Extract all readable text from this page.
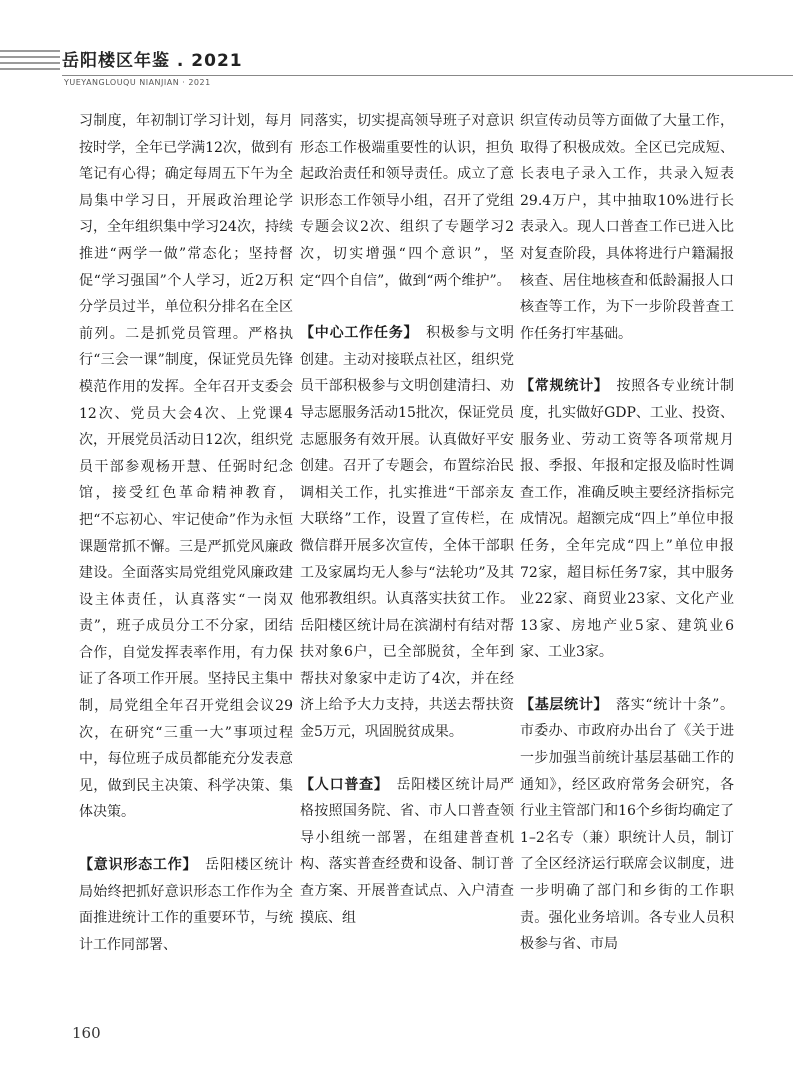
岳阳楼区年鉴 . 2021
YUEYANGLOUQU NIANJIAN · 2021

习制度，年初制订学习计划，每月按时学，全年已学满12次，做到有笔记有心得；确定每周五下午为全局集中学习日，开展政治理论学习，全年组织集中学习24次，持续推进“两学一做”常态化；坚持督促“学习强国”个人学习，近2万积分学员过半，单位积分排名在全区前列。二是抓党员管理。严格执行“三会一课”制度，保证党员先锋模范作用的发挥。全年召开支委会12次、党员大会4次、上党课4次，开展党员活动日12次，组织党员干部参观杨开慧、任弼时纪念馆，接受红色革命精神教育，把“不忘初心、牢记使命”作为永恒课题常抓不懈。三是严抓党风廉政建设。全面落实局党组党风廉政建设主体责任，认真落实“一岗双责”，班子成员分工不分家，团结合作，自觉发挥表率作用，有力保证了各项工作开展。坚持民主集中制，局党组全年召开党组会议29次，在研究“三重一大”事项过程中，每位班子成员都能充分发表意见，做到民主决策、科学决策、集体决策。

【意识形态工作】　 岳阳楼区统计局始终把抓好意识形态工作作为全面推进统计工作的重要环节，与统计工作同部署、

同落实，切实提高领导班子对意识形态工作极端重要性的认识，担负起政治责任和领导责任。成立了意识形态工作领导小组，召开了党组专题会议2次、组织了专题学习2次，切实增强“四个意识”，坚定“四个自信”，做到“两个维护”。

【中心工作任务】　 积极参与文明创建。主动对接联点社区，组织党员干部积极参与文明创建清扫、劝导志愿服务活动15批次，保证党员志愿服务有效开展。认真做好平安创建。召开了专题会，布置综治民调相关工作，扎实推进“干部亲友大联络”工作，设置了宣传栏，在微信群开展多次宣传，全体干部职工及家属均无人参与“法轮功”及其他邪教组织。认真落实扶贫工作。岳阳楼区统计局在滨湖村有结对帮扶对象6户，已全部脱贫，全年到帮扶对象家中走访了4次，并在经济上给予大力支持，共送去帮扶资金5万元，巩固脱贫成果。

【人口普查】　 岳阳楼区统计局严格按照国务院、省、市人口普查领导小组统一部署，在组建普查机构、落实普查经费和设备、制订普查方案、开展普查试点、入户清查摸底、组

织宣传动员等方面做了大量工作，取得了积极成效。全区已完成短、长表电子录入工作，共录入短表29.4万户，其中抽取10%进行长表录入。现人口普查工作已进入比对复查阶段，具体将进行户籍漏报核查、居住地核查和低龄漏报人口核查等工作，为下一步阶段普查工作任务打牢基础。

【常规统计】　 按照各专业统计制度，扎实做好GDP、工业、投资、服务业、劳动工资等各项常规月报、季报、年报和定报及临时性调查工作，准确反映主要经济指标完成情况。超额完成“四上”单位申报任务，全年完成“四上”单位申报72家，超目标任务7家，其中服务业22家、商贸业23家、文化产业13家、房地产业5家、建筑业6家、工业3家。

【基层统计】　 落实“统计十条”。市委办、市政府办出台了《关于进一步加强当前统计基层基础工作的通知》，经区政府常务会研究，各行业主管部门和16个乡街均确定了1–2名专（兼）职统计人员，制订了全区经济运行联席会议制度，进一步明确了部门和乡街的工作职责。强化业务培训。各专业人员积极参与省、市局

160
